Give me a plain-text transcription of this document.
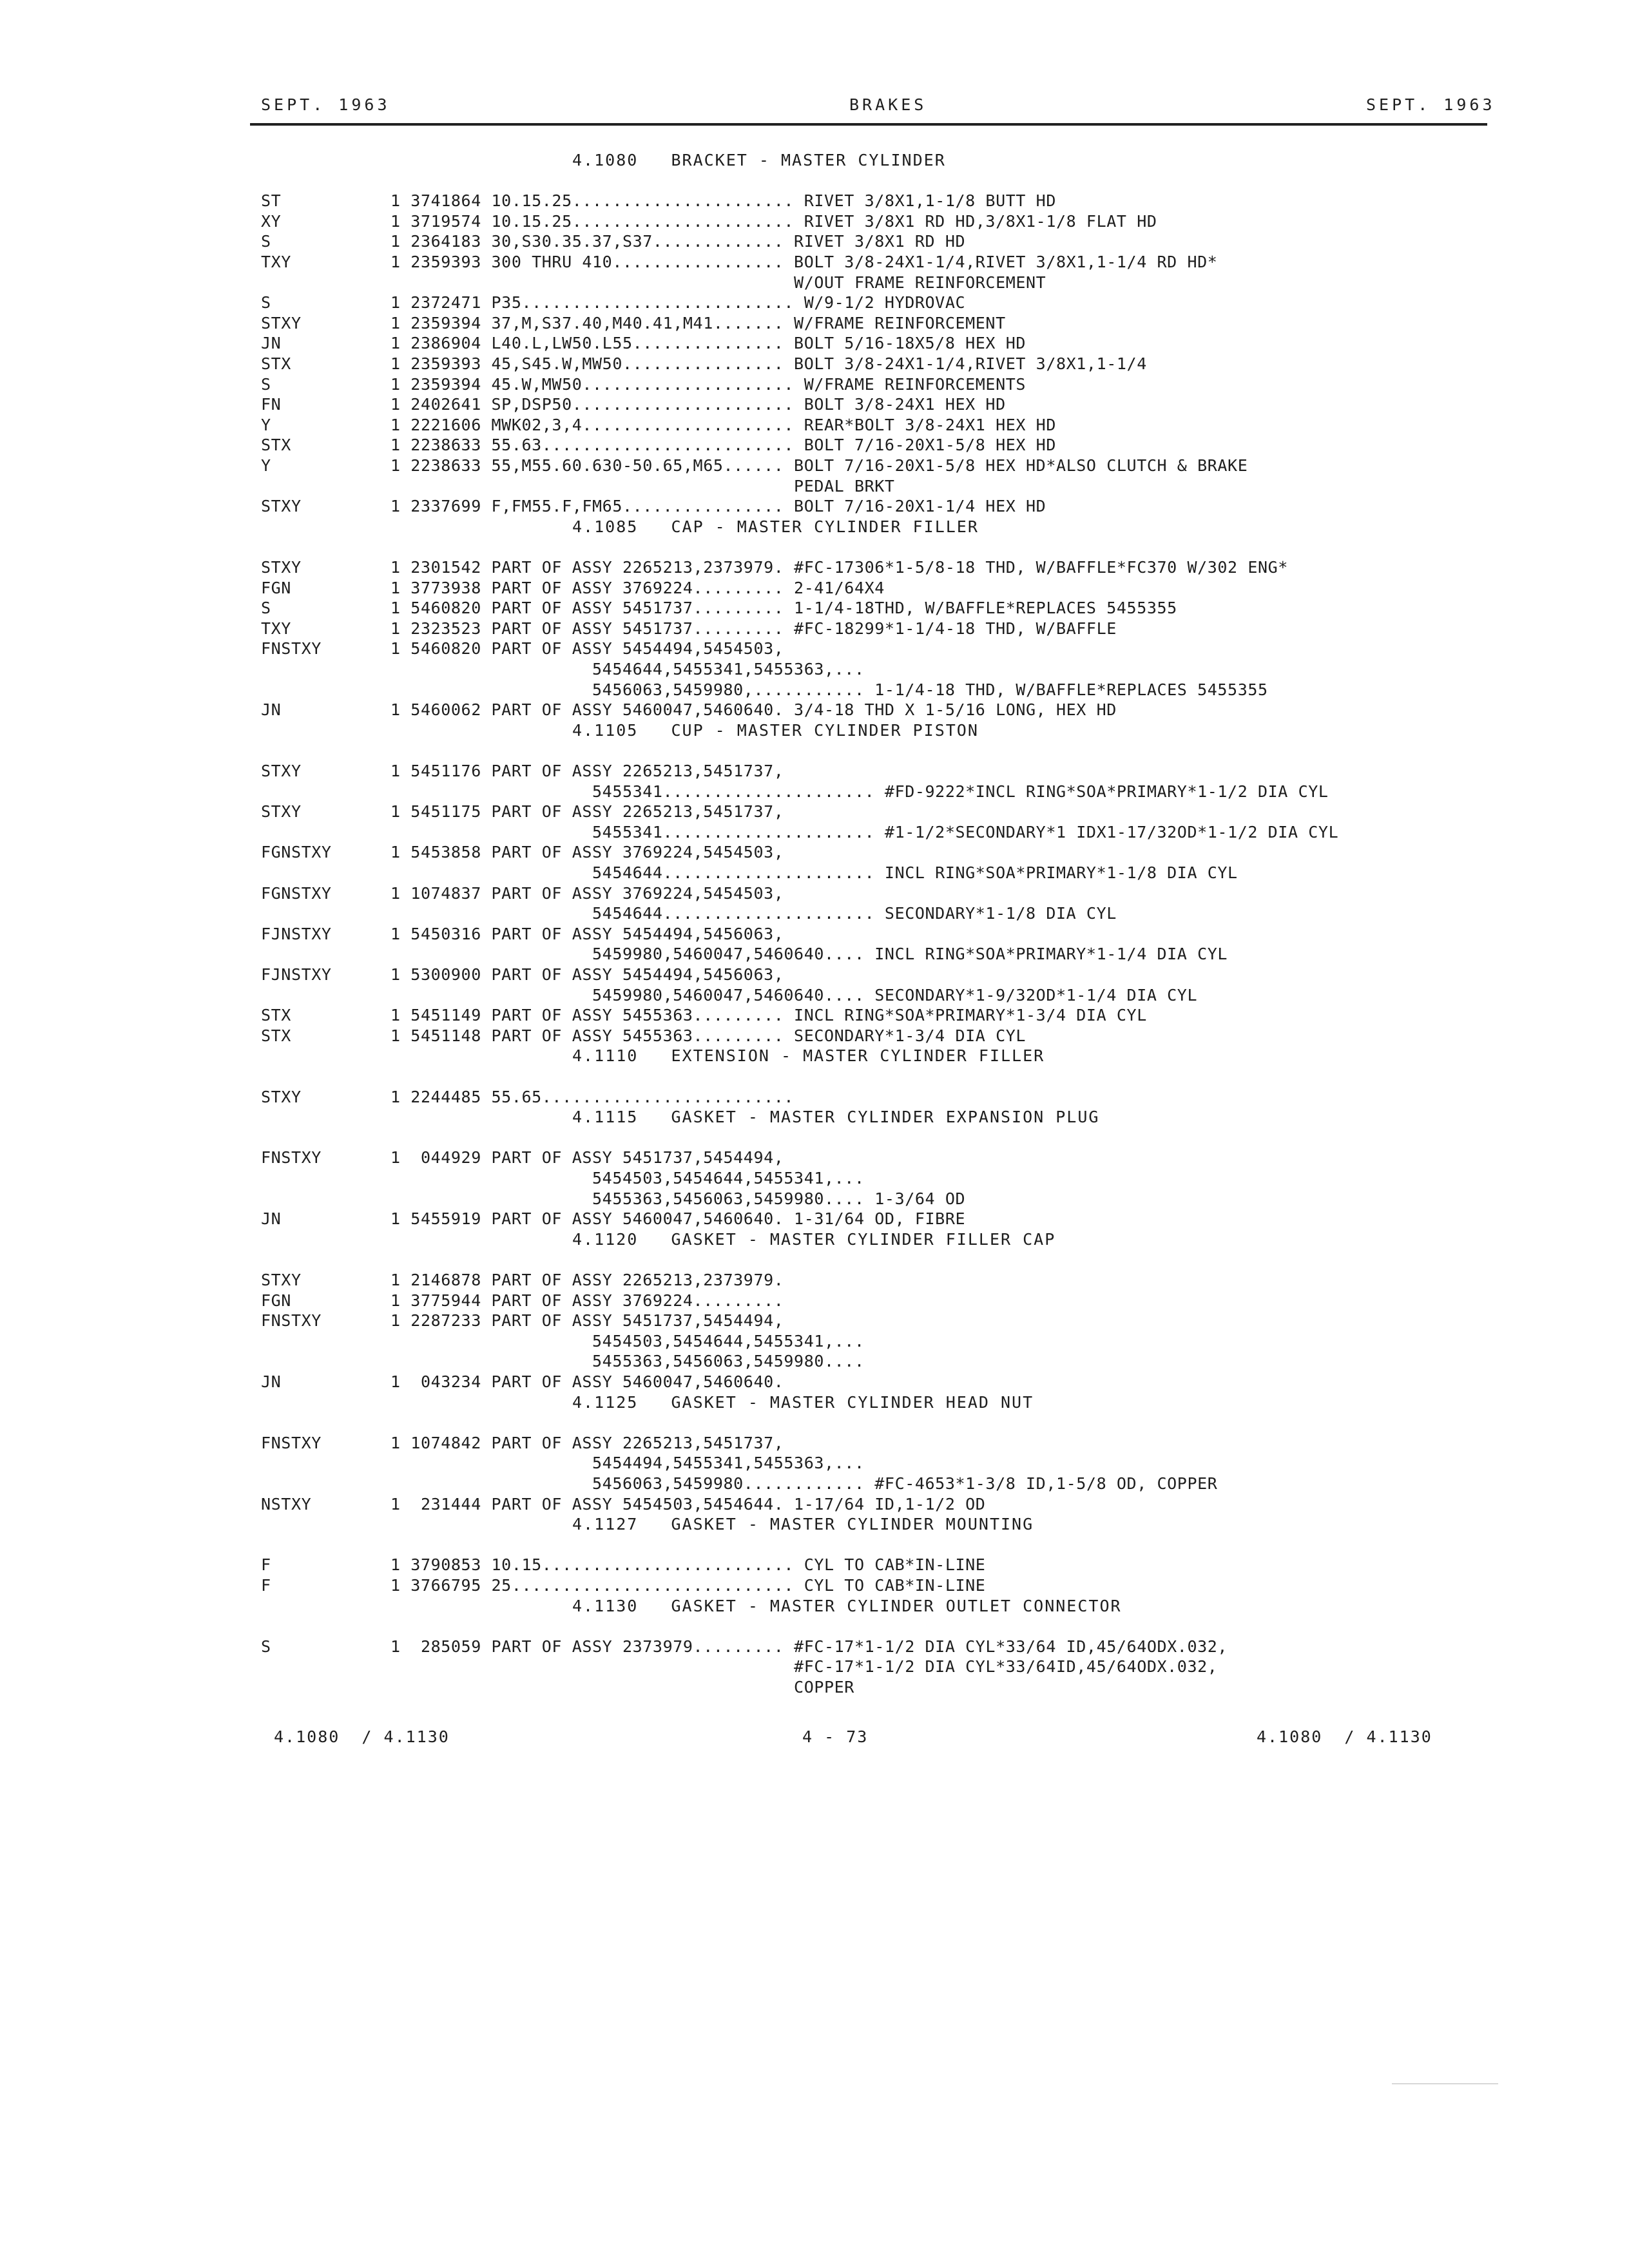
SEPT. 1963	BRAKES	SEPT. 1963
4.1080   BRACKET - MASTER CYLINDER
ST	1 3741864 10.15.25...................... RIVET 3/8X1,1-1/8 BUTT HD
XY	1 3719574 10.15.25...................... RIVET 3/8X1 RD HD,3/8X1-1/8 FLAT HD
S	1 2364183 30,S30.35.37,S37............. RIVET 3/8X1 RD HD
TXY	1 2359393 300 THRU 410................. BOLT 3/8-24X1-1/4,RIVET 3/8X1,1-1/4 RD HD*
W/OUT FRAME REINFORCEMENT
S	1 2372471 P35........................... W/9-1/2 HYDROVAC
STXY	1 2359394 37,M,S37.40,M40.41,M41....... W/FRAME REINFORCEMENT
JN	1 2386904 L40.L,LW50.L55............... BOLT 5/16-18X5/8 HEX HD
STX	1 2359393 45,S45.W,MW50................ BOLT 3/8-24X1-1/4,RIVET 3/8X1,1-1/4
S	1 2359394 45.W,MW50..................... W/FRAME REINFORCEMENTS
FN	1 2402641 SP,DSP50...................... BOLT 3/8-24X1 HEX HD
Y	1 2221606 MWK02,3,4..................... REAR*BOLT 3/8-24X1 HEX HD
STX	1 2238633 55.63......................... BOLT 7/16-20X1-5/8 HEX HD
Y	1 2238633 55,M55.60.630-50.65,M65...... BOLT 7/16-20X1-5/8 HEX HD*ALSO CLUTCH & BRAKE
PEDAL BRKT
STXY	1 2337699 F,FM55.F,FM65................ BOLT 7/16-20X1-1/4 HEX HD
4.1085   CAP - MASTER CYLINDER FILLER
STXY	1 2301542 PART OF ASSY 2265213,2373979. #FC-17306*1-5/8-18 THD, W/BAFFLE*FC370 W/302 ENG*
FGN	1 3773938 PART OF ASSY 3769224......... 2-41/64X4
S	1 5460820 PART OF ASSY 5451737......... 1-1/4-18THD, W/BAFFLE*REPLACES 5455355
TXY	1 2323523 PART OF ASSY 5451737......... #FC-18299*1-1/4-18 THD, W/BAFFLE
FNSTXY	1 5460820 PART OF ASSY 5454494,5454503,
5454644,5455341,5455363,...
5456063,5459980,........... 1-1/4-18 THD, W/BAFFLE*REPLACES 5455355
JN	1 5460062 PART OF ASSY 5460047,5460640. 3/4-18 THD X 1-5/16 LONG, HEX HD
4.1105   CUP - MASTER CYLINDER PISTON
STXY	1 5451176 PART OF ASSY 2265213,5451737,
5455341..................... #FD-9222*INCL RING*SOA*PRIMARY*1-1/2 DIA CYL
STXY	1 5451175 PART OF ASSY 2265213,5451737,
5455341..................... #1-1/2*SECONDARY*1 IDX1-17/32OD*1-1/2 DIA CYL
FGNSTXY	1 5453858 PART OF ASSY 3769224,5454503,
5454644..................... INCL RING*SOA*PRIMARY*1-1/8 DIA CYL
FGNSTXY	1 1074837 PART OF ASSY 3769224,5454503,
5454644..................... SECONDARY*1-1/8 DIA CYL
FJNSTXY	1 5450316 PART OF ASSY 5454494,5456063,
5459980,5460047,5460640.... INCL RING*SOA*PRIMARY*1-1/4 DIA CYL
FJNSTXY	1 5300900 PART OF ASSY 5454494,5456063,
5459980,5460047,5460640.... SECONDARY*1-9/32OD*1-1/4 DIA CYL
STX	1 5451149 PART OF ASSY 5455363......... INCL RING*SOA*PRIMARY*1-3/4 DIA CYL
STX	1 5451148 PART OF ASSY 5455363......... SECONDARY*1-3/4 DIA CYL
4.1110   EXTENSION - MASTER CYLINDER FILLER
STXY	1 2244485 55.65.........................
4.1115   GASKET - MASTER CYLINDER EXPANSION PLUG
FNSTXY	1  044929 PART OF ASSY 5451737,5454494,
5454503,5454644,5455341,...
5455363,5456063,5459980.... 1-3/64 OD
JN	1 5455919 PART OF ASSY 5460047,5460640. 1-31/64 OD, FIBRE
4.1120   GASKET - MASTER CYLINDER FILLER CAP
STXY	1 2146878 PART OF ASSY 2265213,2373979.
FGN	1 3775944 PART OF ASSY 3769224.........
FNSTXY	1 2287233 PART OF ASSY 5451737,5454494,
5454503,5454644,5455341,...
5455363,5456063,5459980....
JN	1  043234 PART OF ASSY 5460047,5460640.
4.1125   GASKET - MASTER CYLINDER HEAD NUT
FNSTXY	1 1074842 PART OF ASSY 2265213,5451737,
5454494,5455341,5455363,...
5456063,5459980............ #FC-4653*1-3/8 ID,1-5/8 OD, COPPER
NSTXY	1  231444 PART OF ASSY 5454503,5454644. 1-17/64 ID,1-1/2 OD
4.1127   GASKET - MASTER CYLINDER MOUNTING
F	1 3790853 10.15......................... CYL TO CAB*IN-LINE
F	1 3766795 25............................ CYL TO CAB*IN-LINE
4.1130   GASKET - MASTER CYLINDER OUTLET CONNECTOR
S	1  285059 PART OF ASSY 2373979......... #FC-17*1-1/2 DIA CYL*33/64 ID,45/64ODX.032,
#FC-17*1-1/2 DIA CYL*33/64ID,45/64ODX.032,
COPPER
4.1080  / 4.1130	4 - 73	4.1080  / 4.1130
